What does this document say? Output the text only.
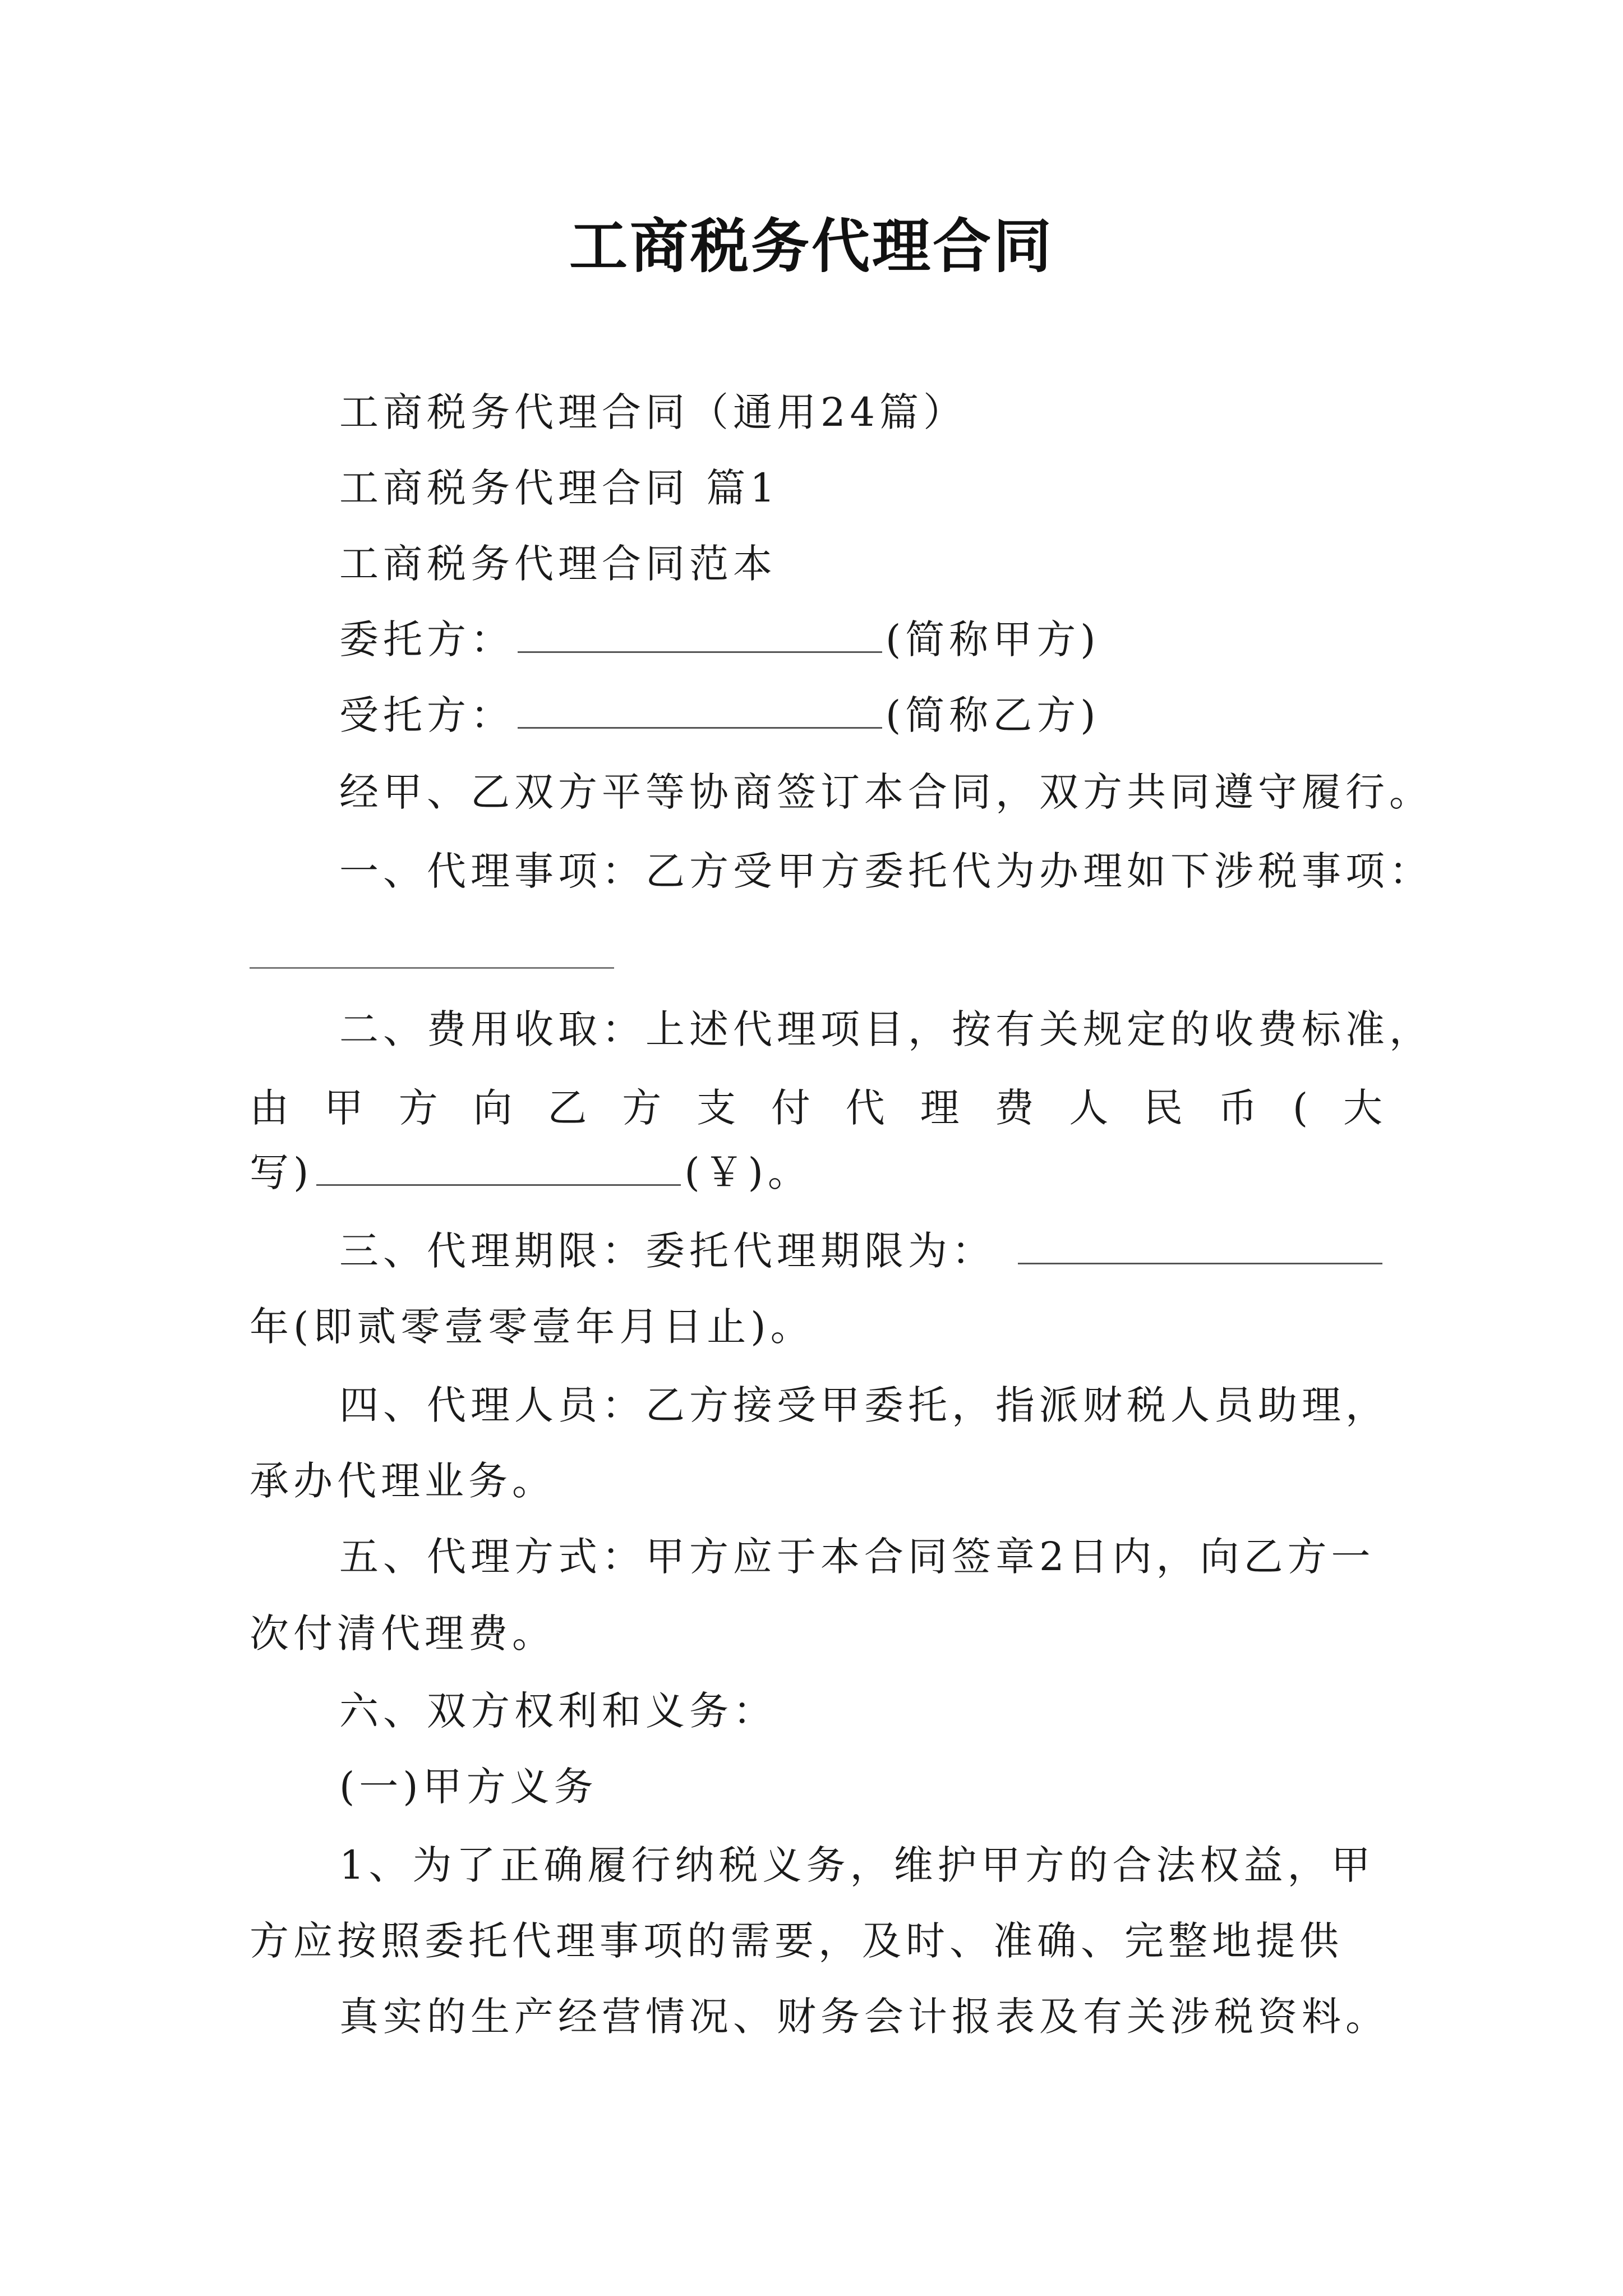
工商税务代理合同
工商税务代理合同（通用24篇）
工商税务代理合同 篇1
工商税务代理合同范本
委托方：	(简称甲方)
受托方：	(简称乙方)
经甲、乙双方平等协商签订本合同，双方共同遵守履行。
一、代理事项：乙方受甲方委托代为办理如下涉税事项：
二、费用收取：上述代理项目，按有关规定的收费标准，
由 甲 方 向 乙 方 支 付 代 理 费 人 民 币 ( 大
写)	(￥)。
三、代理期限：委托代理期限为：
年(即贰零壹零壹年月日止)。
四、代理人员：乙方接受甲委托，指派财税人员助理，
承办代理业务。
五、代理方式：甲方应于本合同签章2日内，向乙方一
次付清代理费。
六、双方权利和义务：
(一)甲方义务
1、为了正确履行纳税义务，维护甲方的合法权益，甲
方应按照委托代理事项的需要，及时、准确、完整地提供
真实的生产经营情况、财务会计报表及有关涉税资料。
